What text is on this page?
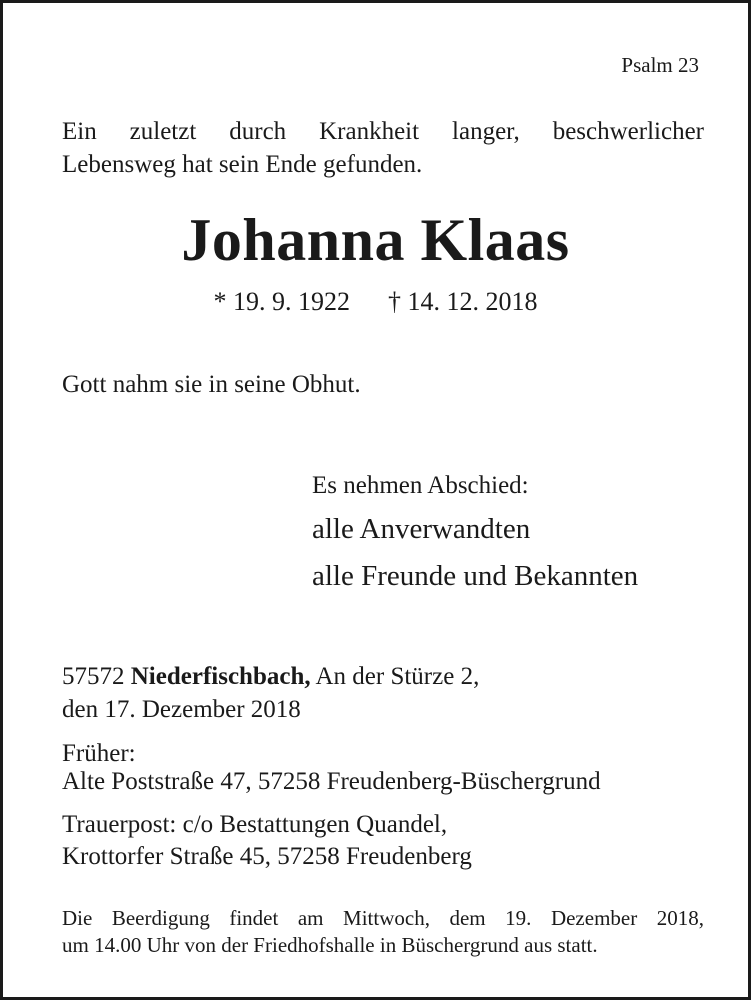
Psalm 23

Ein zuletzt durch Krankheit langer, beschwerlicher
Lebensweg hat sein Ende gefunden.
Johanna Klaas
* 19. 9. 1922 † 14. 12. 2018

Gott nahm sie in seine Obhut.

Es nehmen Abschied:

alle Anverwandten

alle Freunde und Bekannten

57572 Niederfischbach, An der Stürze 2,

den 17. Dezember 2018

Früher:

Alte Poststraße 47, 57258 Freudenberg-Büschergrund

Trauerpost: c/o Bestattungen Quandel,

Krottorfer Straße 45, 57258 Freudenberg

Die Beerdigung findet am Mittwoch, dem 19. Dezember 2018,
um 14.00 Uhr von der Friedhofshalle in Büschergrund aus statt.
